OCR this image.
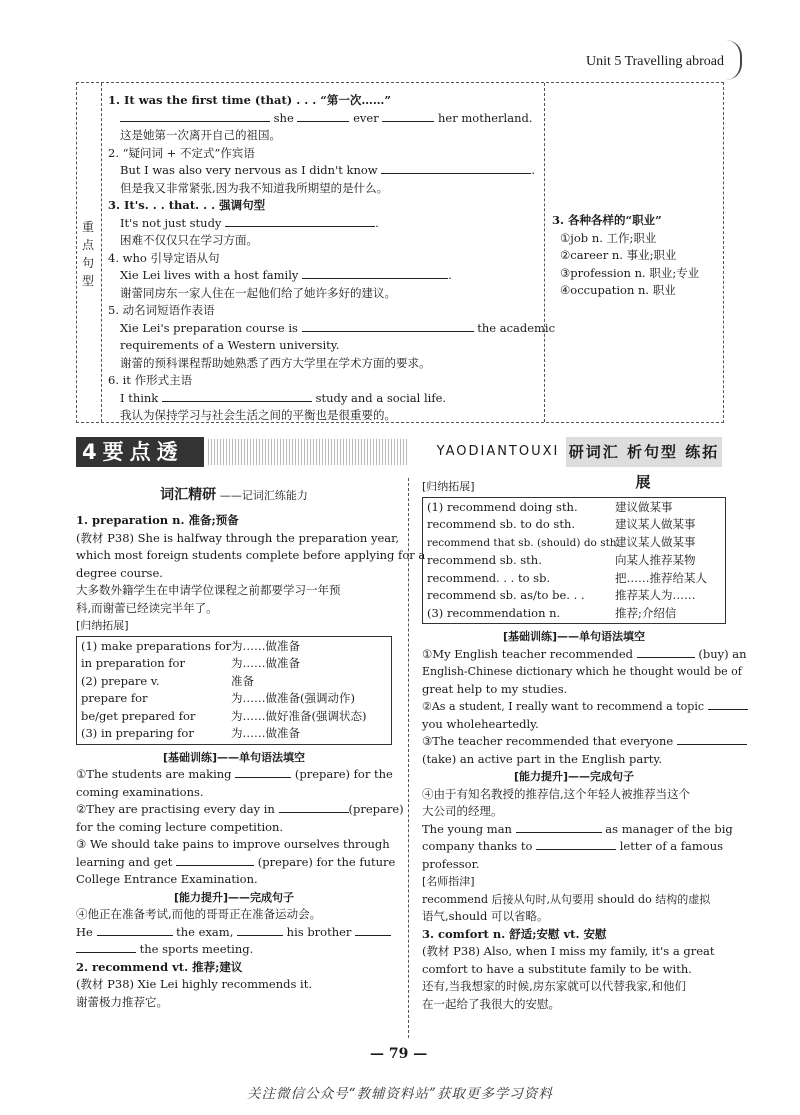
Unit 5 Travelling abroad
重
点
句
型
1. It was the first time (that) . . . “第一次……”
she	ever	her motherland.
这是她第一次离开自己的祖国。
2. “疑问词 + 不定式”作宾语
But I was also very nervous as I didn't know	.
但是我又非常紧张,因为我不知道我所期望的是什么。
3. It's. . . that. . . 强调句型
It's not just study	.
困难不仅仅只在学习方面。
4. who 引导定语从句
Xie Lei lives with a host family	.
谢蕾同房东一家人住在一起他们给了她许多好的建议。
5. 动名词短语作表语
Xie Lei's preparation course is	the academic
requirements of a Western university.
谢蕾的预科课程帮助她熟悉了西方大学里在学术方面的要求。
6. it 作形式主语
I think	study and a social life.
我认为保持学习与社会生活之间的平衡也是很重要的。
3. 各种各样的“职业”
①job n. 工作;职业
②career n. 事业;职业
③profession n. 职业;专业
④occupation n. 职业
4要点透析
YAODIANTOUXI 研词汇 析句型 练拓展
词汇精研 ——记词汇练能力
1. preparation n. 准备;预备
(教材 P38) She is halfway through the preparation year,
which most foreign students complete before applying for a
degree course.
大多数外籍学生在申请学位课程之前都要学习一年预
科,而谢蕾已经读完半年了。
[归纳拓展]
(1) make preparations for为……做准备
in preparation for	为……做准备
(2) prepare v.	准备
prepare for	为……做准备(强调动作)
be/get prepared for	为……做好准备(强调状态)
(3) in preparing for	为……做准备
[基础训练]——单句语法填空
①The students are making	(prepare) for the
coming examinations.
②They are practising every day in	(prepare)
for the coming lecture competition.
③ We should take pains to improve ourselves through
learning and get	(prepare) for the future
College Entrance Examination.
[能力提升]——完成句子
④他正在准备考试,而他的哥哥正在准备运动会。
He	the exam,	his brother
the sports meeting.
2. recommend vt. 推荐;建议
(教材 P38) Xie Lei highly recommends it.
谢蕾极力推荐它。
[归纳拓展]
(1) recommend doing sth.	建议做某事
recommend sb. to do sth.	建议某人做某事
recommend that sb. (should) do sth.建议某人做某事
recommend sb. sth.	向某人推荐某物
recommend. . . to sb.	把……推荐给某人
recommend sb. as/to be. . .	推荐某人为……
(3) recommendation n.	推荐;介绍信
[基础训练]——单句语法填空
①My English teacher recommended	(buy) an
English-Chinese dictionary which he thought would be of
great help to my studies.
②As a student, I really want to recommend a topic
you wholeheartedly.
③The teacher recommended that everyone
(take) an active part in the English party.
[能力提升]——完成句子
④由于有知名教授的推荐信,这个年轻人被推荐当这个
大公司的经理。
The young man	as manager of the big
company thanks to	letter of a famous
professor.
[名师指津]
recommend 后接从句时,从句要用 should do 结构的虚拟
语气,should 可以省略。
3. comfort n. 舒适;安慰 vt. 安慰
(教材 P38) Also, when I miss my family, it's a great
comfort to have a substitute family to be with.
还有,当我想家的时候,房东家就可以代替我家,和他们
在一起给了我很大的安慰。
— 79 —
关注微信公众号“教辅资料站”获取更多学习资料
